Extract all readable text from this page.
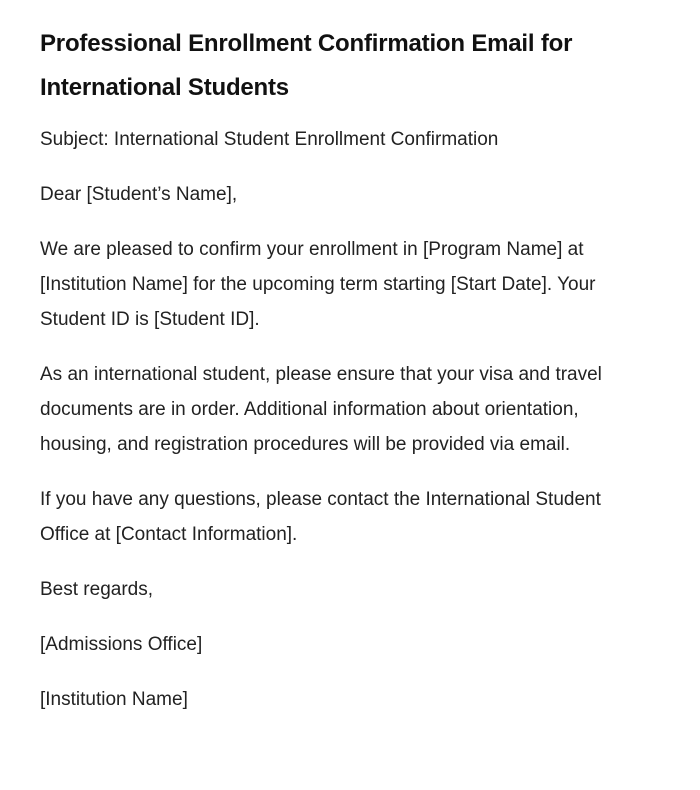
Professional Enrollment Confirmation Email for International Students

Subject: International Student Enrollment Confirmation

Dear [Student’s Name],

We are pleased to confirm your enrollment in [Program Name] at [Institution Name] for the upcoming term starting [Start Date]. Your Student ID is [Student ID].

As an international student, please ensure that your visa and travel documents are in order. Additional information about orientation, housing, and registration procedures will be provided via email.

If you have any questions, please contact the International Student Office at [Contact Information].

Best regards,

[Admissions Office]

[Institution Name]
